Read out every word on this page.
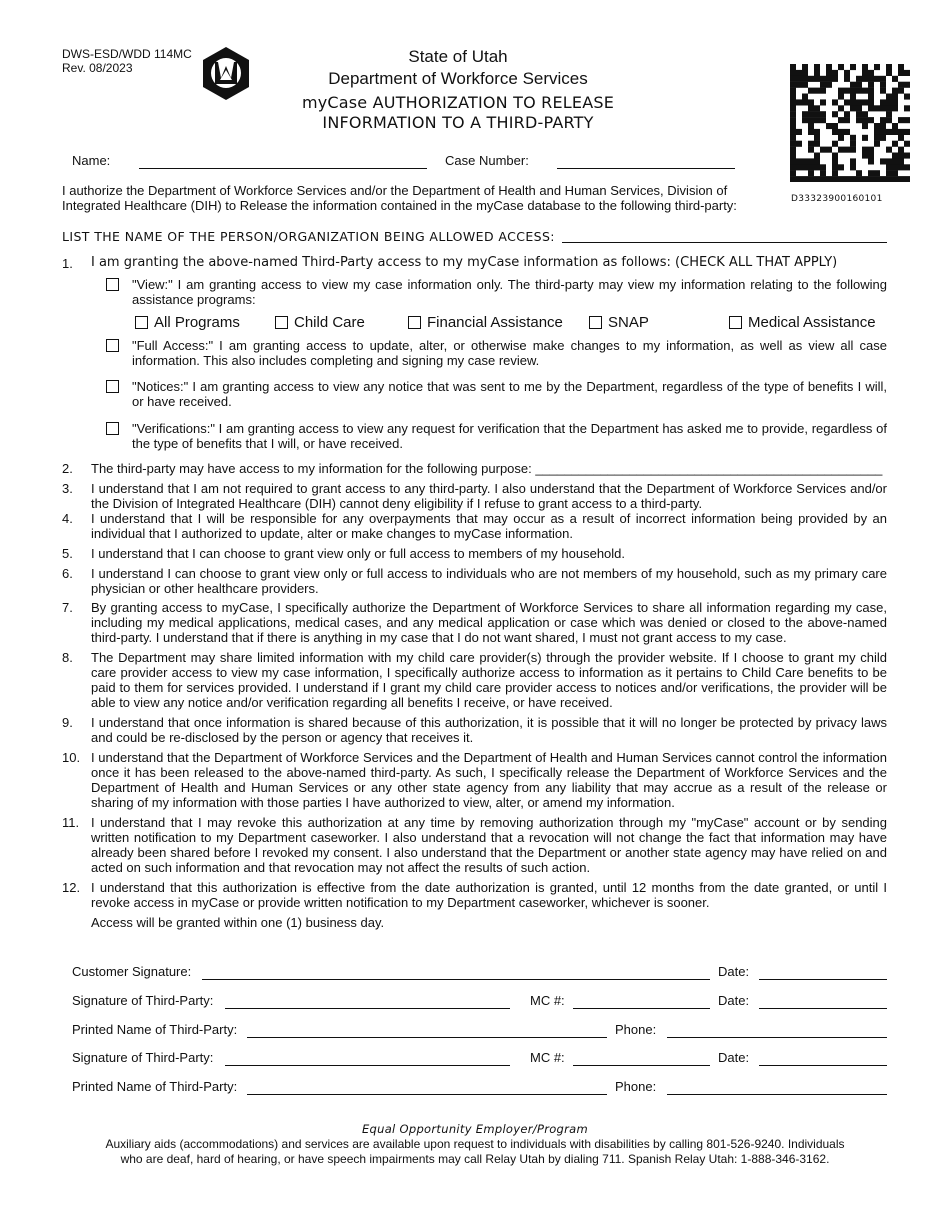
DWS-ESD/WDD 114MC
Rev. 08/2023
State of Utah
Department of Workforce Services
myCase AUTHORIZATION TO RELEASE
INFORMATION TO A THIRD-PARTY
D33323900160101
Name:	Case Number:
I authorize the Department of Workforce Services and/or the Department of Health and Human Services, Division of Integrated Healthcare (DIH) to Release the information contained in the myCase database to the following third-party:
LIST THE NAME OF THE PERSON/ORGANIZATION BEING ALLOWED ACCESS:
1. I am granting the above-named Third-Party access to my myCase information as follows: (CHECK ALL THAT APPLY)
"View:" I am granting access to view my case information only. The third-party may view my information relating to the following assistance programs:
All Programs	Child Care	Financial Assistance	SNAP	Medical Assistance
"Full Access:" I am granting access to update, alter, or otherwise make changes to my information, as well as view all case information. This also includes completing and signing my case review.
"Notices:" I am granting access to view any notice that was sent to me by the Department, regardless of the type of benefits I will, or have received.
"Verifications:" I am granting access to view any request for verification that the Department has asked me to provide, regardless of the type of benefits that I will, or have received.
2. The third-party may have access to my information for the following purpose: ________________________________________________
3. I understand that I am not required to grant access to any third-party. I also understand that the Department of Workforce Services and/or the Division of Integrated Healthcare (DIH) cannot deny eligibility if I refuse to grant access to a third-party.
4. I understand that I will be responsible for any overpayments that may occur as a result of incorrect information being provided by an individual that I authorized to update, alter or make changes to myCase information.
5. I understand that I can choose to grant view only or full access to members of my household.
6. I understand I can choose to grant view only or full access to individuals who are not members of my household, such as my primary care physician or other healthcare providers.
7. By granting access to myCase, I specifically authorize the Department of Workforce Services to share all information regarding my case, including my medical applications, medical cases, and any medical application or case which was denied or closed to the above-named third-party. I understand that if there is anything in my case that I do not want shared, I must not grant access to my case.
8. The Department may share limited information with my child care provider(s) through the provider website. If I choose to grant my child care provider access to view my case information, I specifically authorize access to information as it pertains to Child Care benefits to be paid to them for services provided. I understand if I grant my child care provider access to notices and/or verifications, the provider will be able to view any notice and/or verification regarding all benefits I receive, or have received.
9. I understand that once information is shared because of this authorization, it is possible that it will no longer be protected by privacy laws and could be re-disclosed by the person or agency that receives it.
10. I understand that the Department of Workforce Services and the Department of Health and Human Services cannot control the information once it has been released to the above-named third-party. As such, I specifically release the Department of Workforce Services and the Department of Health and Human Services or any other state agency from any liability that may accrue as a result of the release or sharing of my information with those parties I have authorized to view, alter, or amend my information.
11. I understand that I may revoke this authorization at any time by removing authorization through my "myCase" account or by sending written notification to my Department caseworker. I also understand that a revocation will not change the fact that information may have already been shared before I revoked my consent. I also understand that the Department or another state agency may have relied on and acted on such information and that revocation may not affect the results of such action.
12. I understand that this authorization is effective from the date authorization is granted, until 12 months from the date granted, or until I revoke access in myCase or provide written notification to my Department caseworker, whichever is sooner.
Access will be granted within one (1) business day.
Customer Signature:	Date:
Signature of Third-Party:	MC #:	Date:
Printed Name of Third-Party:	Phone:
Signature of Third-Party:	MC #:	Date:
Printed Name of Third-Party:	Phone:
Equal Opportunity Employer/Program
Auxiliary aids (accommodations) and services are available upon request to individuals with disabilities by calling 801-526-9240. Individuals
who are deaf, hard of hearing, or have speech impairments may call Relay Utah by dialing 711. Spanish Relay Utah: 1-888-346-3162.
